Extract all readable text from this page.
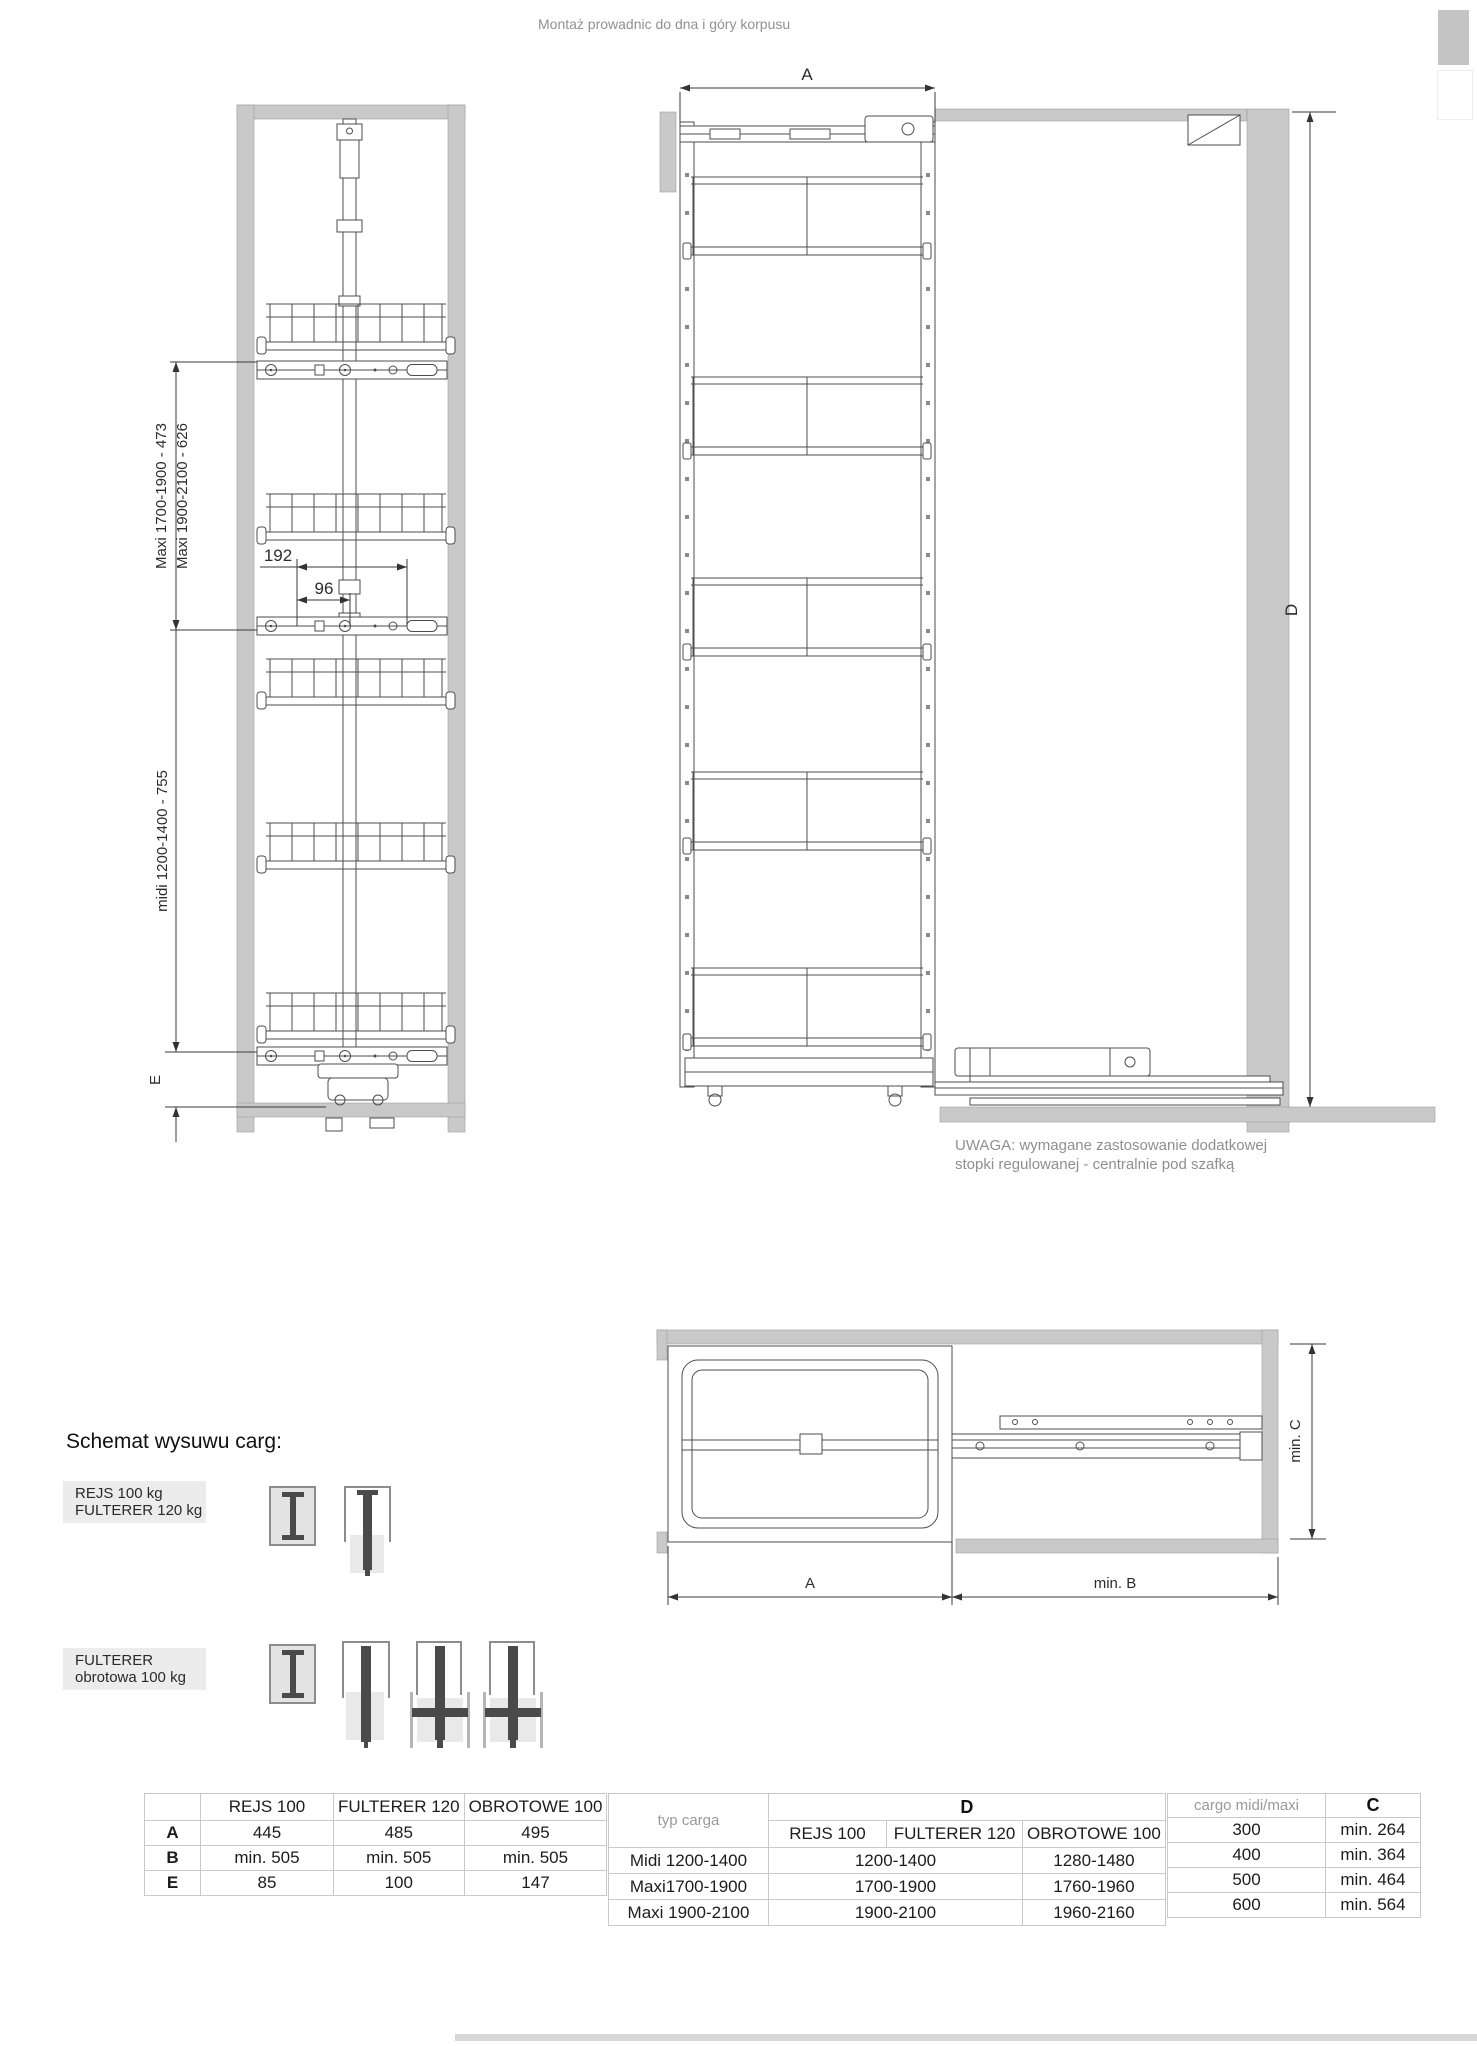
Montaż prowadnic do dna i góry korpusu
192
96
Maxi 1700-1900 - 473 Maxi 1900-2100 - 626
midi 1200-1400 - 755
E
A
D
UWAGA: wymagane zastosowanie dodatkowej
stopki regulowanej - centralnie pod szafką
min. C
A	min. B
Schemat wysuwu carg:
REJS 100 kg
FULTERER 120 kg
FULTERER
obrotowa 100 kg
	REJS 100	FULTERER 120	OBROTOWE 100
A	445	485	495
B	min. 505	min. 505	min. 505
E	85	100	147
typ carga	D		
	REJS 100	FULTERER 120	OBROTOWE 100
Midi 1200-1400	1200-1400		1280-1480
Maxi1700-1900	1700-1900		1760-1960
Maxi 1900-2100	1900-2100		1960-2160
cargo midi/maxi	C
300	min. 264
400	min. 364
500	min. 464
600	min. 564
